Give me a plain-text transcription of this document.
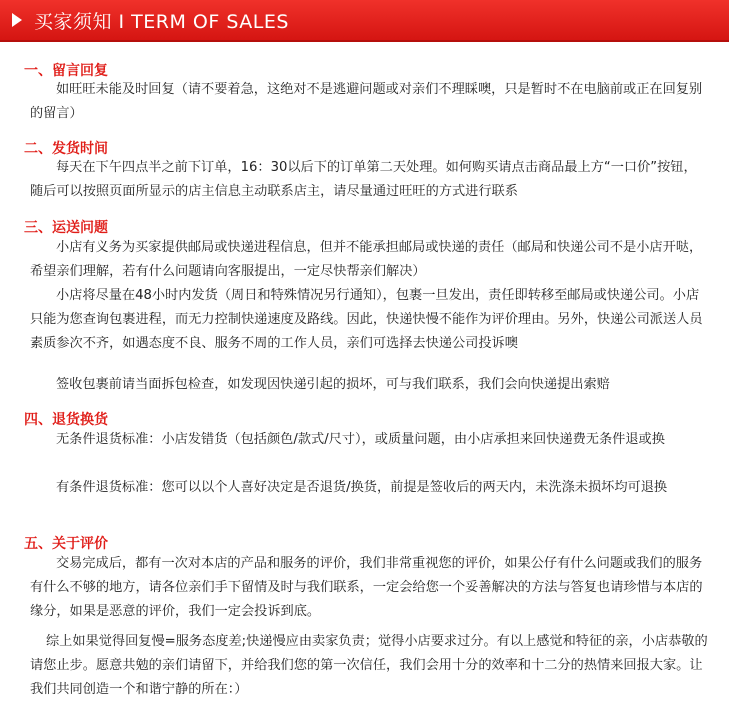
买家须知 I TERM OF SALES
一、留言回复

如旺旺未能及时回复（请不要着急，这绝对不是逃避问题或对亲们不理睬噢，只是暂时不在电脑前或正在回复别的留言）

二、发货时间

每天在下午四点半之前下订单，16：30以后下的订单第二天处理。如何购买请点击商品最上方“一口价”按钮，随后可以按照页面所显示的店主信息主动联系店主，请尽量通过旺旺的方式进行联系

三、运送问题

小店有义务为买家提供邮局或快递进程信息，但并不能承担邮局或快递的责任（邮局和快递公司不是小店开哒，希望亲们理解，若有什么问题请向客服提出，一定尽快帮亲们解决）

小店将尽量在48小时内发货（周日和特殊情况另行通知），包裹一旦发出，责任即转移至邮局或快递公司。小店只能为您查询包裹进程，而无力控制快递速度及路线。因此，快递快慢不能作为评价理由。另外，快递公司派送人员素质参次不齐，如遇态度不良、服务不周的工作人员，亲们可选择去快递公司投诉噢

签收包裹前请当面拆包检查，如发现因快递引起的损坏，可与我们联系，我们会向快递提出索赔

四、退货换货

无条件退货标准：小店发错货（包括颜色/款式/尺寸），或质量问题，由小店承担来回快递费无条件退或换

有条件退货标准：您可以以个人喜好决定是否退货/换货，前提是签收后的两天内，未洗涤未损坏均可退换

五、关于评价

交易完成后，都有一次对本店的产品和服务的评价，我们非常重视您的评价，如果公仔有什么问题或我们的服务有什么不够的地方，请各位亲们手下留情及时与我们联系，一定会给您一个妥善解决的方法与答复也请珍惜与本店的缘分，如果是恶意的评价，我们一定会投诉到底。

综上如果觉得回复慢=服务态度差;快递慢应由卖家负责；觉得小店要求过分。有以上感觉和特征的亲，小店恭敬的请您止步。愿意共勉的亲们请留下，并给我们您的第一次信任，我们会用十分的效率和十二分的热情来回报大家。让我们共同创造一个和谐宁静的所在：）
